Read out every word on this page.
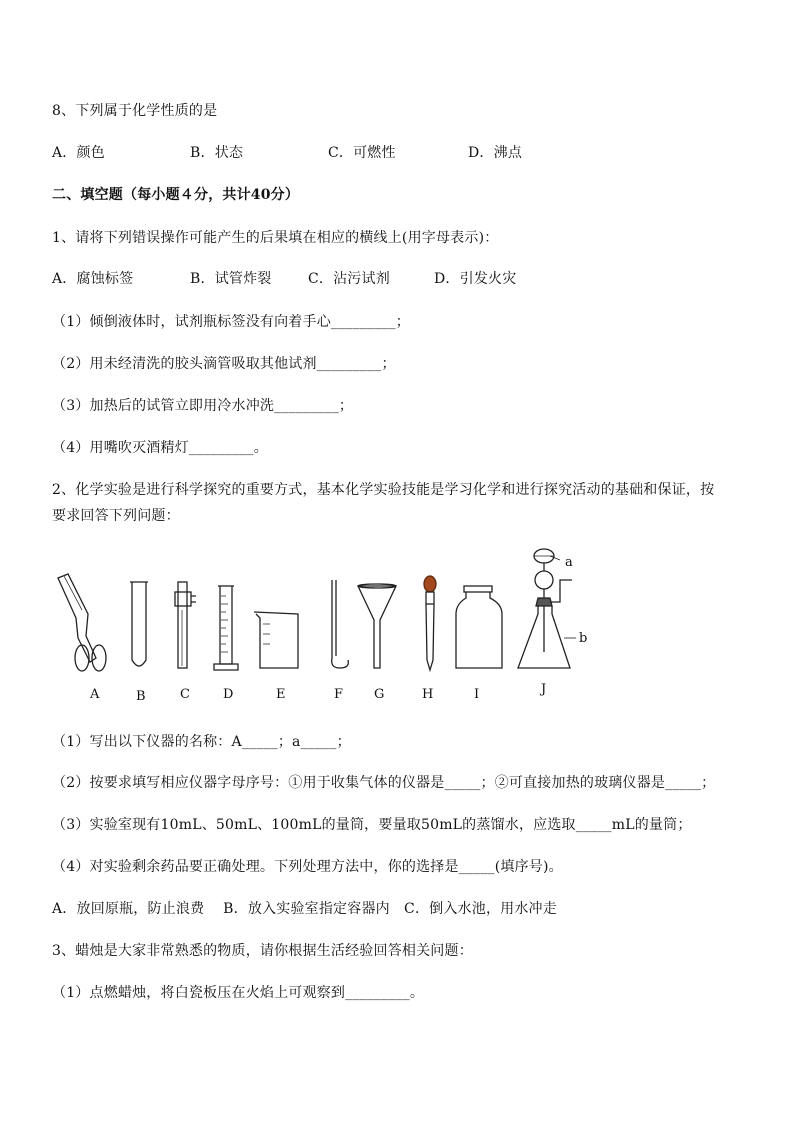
8、下列属于化学性质的是
A．颜色	B．状态	C．可燃性	D．沸点
二、填空题（每小题４分，共计40分）
1、请将下列错误操作可能产生的后果填在相应的横线上(用字母表示)：
A．腐蚀标签	B．试管炸裂	C．沾污试剂	D．引发火灾
（1）倾倒液体时，试剂瓶标签没有向着手心_________；
（2）用未经清洗的胶头滴管吸取其他试剂_________；
（3）加热后的试管立即用冷水冲洗_________；
（4）用嘴吹灭酒精灯_________。
2、化学实验是进行科学探究的重要方式，基本化学实验技能是学习化学和进行探究活动的基础和保证，按
要求回答下列问题：
a
b
A	B	C	D	E	F G	H	I	J
（1）写出以下仪器的名称：A_____；a_____；
（2）按要求填写相应仪器字母序号：①用于收集气体的仪器是_____；②可直接加热的玻璃仪器是_____；
（3）实验室现有10mL、50mL、100mL的量筒，要量取50mL的蒸馏水，应选取_____mL的量筒；
（4）对实验剩余药品要正确处理。下列处理方法中，你的选择是_____(填序号)。
A．放回原瓶，防止浪费　 B．放入实验室指定容器内　C．倒入水池，用水冲走
3、蜡烛是大家非常熟悉的物质，请你根据生活经验回答相关问题：
（1）点燃蜡烛，将白瓷板压在火焰上可观察到_________。
